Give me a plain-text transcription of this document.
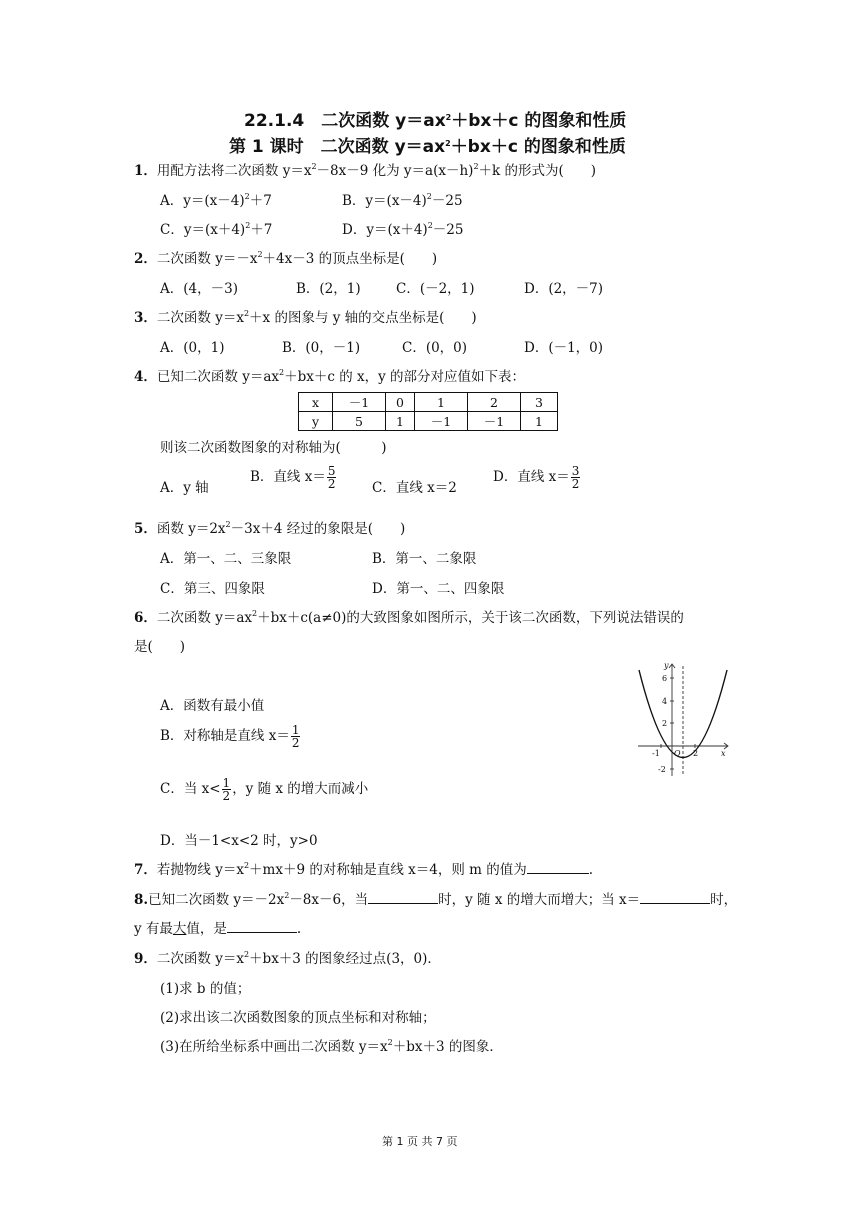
22.1.4　二次函数 $y=ax^2+bx+c$ 的图象和性质
第 1 课时　二次函数 $y=ax^2+bx+c$ 的图象和性质
1．用配方法将二次函数 $y=x^2-8x-9$ 化为 $y=a(x-h)^2+k$ 的形式为(　　)
A．$y=(x-4)^2+7$	B．$y=(x-4)^2-25$
C．$y=(x+4)^2+7$	D．$y=(x+4)^2-25$
2．二次函数 $y=-x^2+4x-3$ 的顶点坐标是(　　)
A．(4，－3)	B．(2，1)	C．(－2，1)	D．(2，－7)
3．二次函数 $y=x^2+x$ 的图象与 y 轴的交点坐标是(　　)
A．(0，1)	B．(0，－1)	C．(0，0)	D．(－1，0)
4．已知二次函数 $y=ax^2+bx+c$ 的 x，y 的部分对应值如下表：
x	－1	0	1	2	3
y	5	1	－1	－1	1
则该二次函数图象的对称轴为(　　　)
A．y 轴
B．直线 $x= \frac{5}{2}$	C．直线 x＝2
D．直线 $x= \frac{3}{2}$
5．函数 $y=2x^2-3x+4$ 经过的象限是(　　)
A．第一、二、三象限	B．第一、二象限
C．第三、四象限	D．第一、二、四象限
6．二次函数 $y=ax^2+bx+c(a\ne 0)$的大致图象如图所示，关于该二次函数，下列说法错误的
是(　　)
A．函数有最小值
B．对称轴是直线 $x= \frac{1}{2}$
C．当 $x< \frac{1}{2}$ ，y 随 x 的增大而减小
D．当－1<x<2 时，y>0
6
4
2
-2
-1	2	x
y
O
7．若抛物线 $y=x^2+mx+9$ 的对称轴是直线 x＝4，则 m 的值为	.
8.已知二次函数 $y=-2x^2-8x-6$，当	时，y 随 x 的增大而增大；当 x＝	时，
y 有最大值，是	.
9．二次函数 $y=x^2+bx+3$ 的图象经过点(3，0)．
(1)求 b 的值；
(2)求出该二次函数图象的顶点坐标和对称轴；
(3)在所给坐标系中画出二次函数 $y=x^2+bx+3$ 的图象．
第 1 页 共 7 页
